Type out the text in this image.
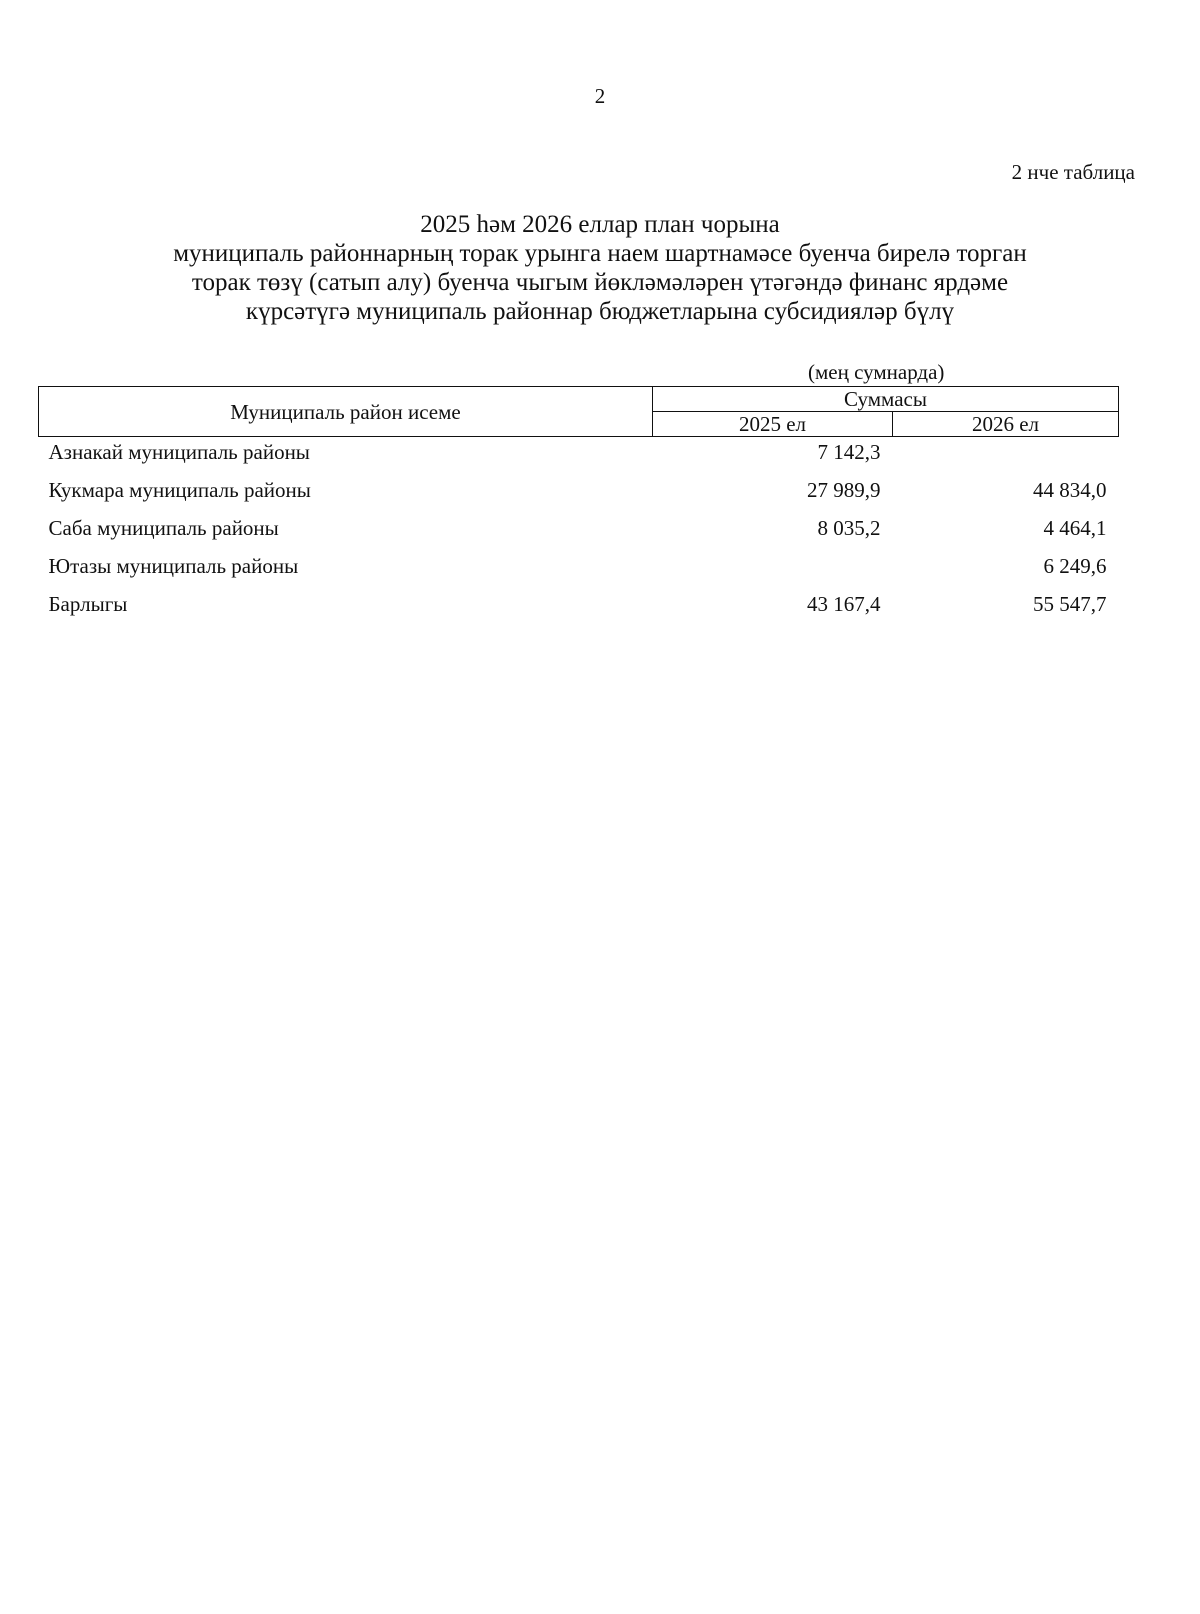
2
2 нче таблица
2025 һәм 2026 еллар план чорына
муниципаль районнарның торак урынга наем шартнамәсе буенча бирелә торган
торак төзү (сатып алу) буенча чыгым йөкләмәләрен үтәгәндә финанс ярдәме
күрсәтүгә муниципаль районнар бюджетларына субсидияләр бүлү
(мең сумнарда)
Муниципаль район исеме	Суммасы	
	2025 ел	2026 ел
Азнакай муниципаль районы	7 142,3	
Кукмара муниципаль районы	27 989,9	44 834,0
Саба муниципаль районы	8 035,2	4 464,1
Ютазы муниципаль районы		6 249,6
Барлыгы	43 167,4	55 547,7
